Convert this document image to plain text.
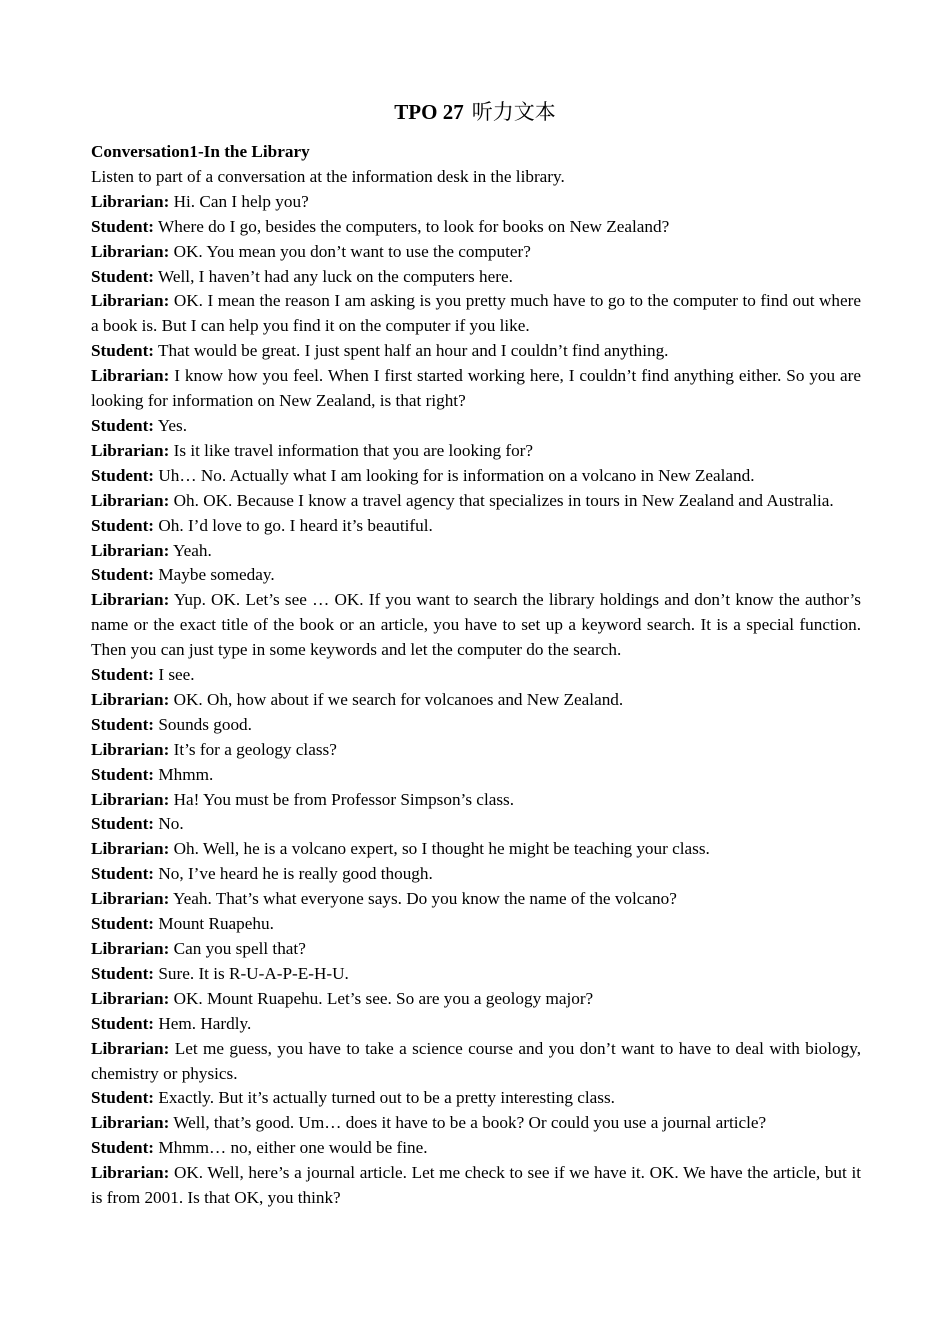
TPO 27 听力文本

Conversation1-In the Library

Listen to part of a conversation at the information desk in the library.

Librarian: Hi. Can I help you?

Student: Where do I go, besides the computers, to look for books on New Zealand?

Librarian: OK. You mean you don’t want to use the computer?

Student: Well, I haven’t had any luck on the computers here.

Librarian: OK. I mean the reason I am asking is you pretty much have to go to the computer to find out where a book is. But I can help you find it on the computer if you like.

Student: That would be great. I just spent half an hour and I couldn’t find anything.

Librarian: I know how you feel. When I first started working here, I couldn’t find anything either. So you are looking for information on New Zealand, is that right?

Student: Yes.

Librarian: Is it like travel information that you are looking for?

Student: Uh… No. Actually what I am looking for is information on a volcano in New Zealand.

Librarian: Oh. OK. Because I know a travel agency that specializes in tours in New Zealand and Australia.

Student: Oh. I’d love to go. I heard it’s beautiful.

Librarian: Yeah.

Student: Maybe someday.

Librarian: Yup. OK. Let’s see … OK. If you want to search the library holdings and don’t know the author’s name or the exact title of the book or an article, you have to set up a keyword search. It is a special function. Then you can just type in some keywords and let the computer do the search.

Student: I see.

Librarian: OK. Oh, how about if we search for volcanoes and New Zealand.

Student: Sounds good.

Librarian: It’s for a geology class?

Student: Mhmm.

Librarian: Ha! You must be from Professor Simpson’s class.

Student: No.

Librarian: Oh. Well, he is a volcano expert, so I thought he might be teaching your class.

Student: No, I’ve heard he is really good though.

Librarian: Yeah. That’s what everyone says. Do you know the name of the volcano?

Student: Mount Ruapehu.

Librarian: Can you spell that?

Student: Sure. It is R-U-A-P-E-H-U.

Librarian: OK. Mount Ruapehu. Let’s see. So are you a geology major?

Student: Hem. Hardly.

Librarian: Let me guess, you have to take a science course and you don’t want to have to deal with biology, chemistry or physics.

Student: Exactly. But it’s actually turned out to be a pretty interesting class.

Librarian: Well, that’s good. Um… does it have to be a book? Or could you use a journal article?

Student: Mhmm… no, either one would be fine.

Librarian: OK. Well, here’s a journal article. Let me check to see if we have it. OK. We have the article, but it is from 2001. Is that OK, you think?
